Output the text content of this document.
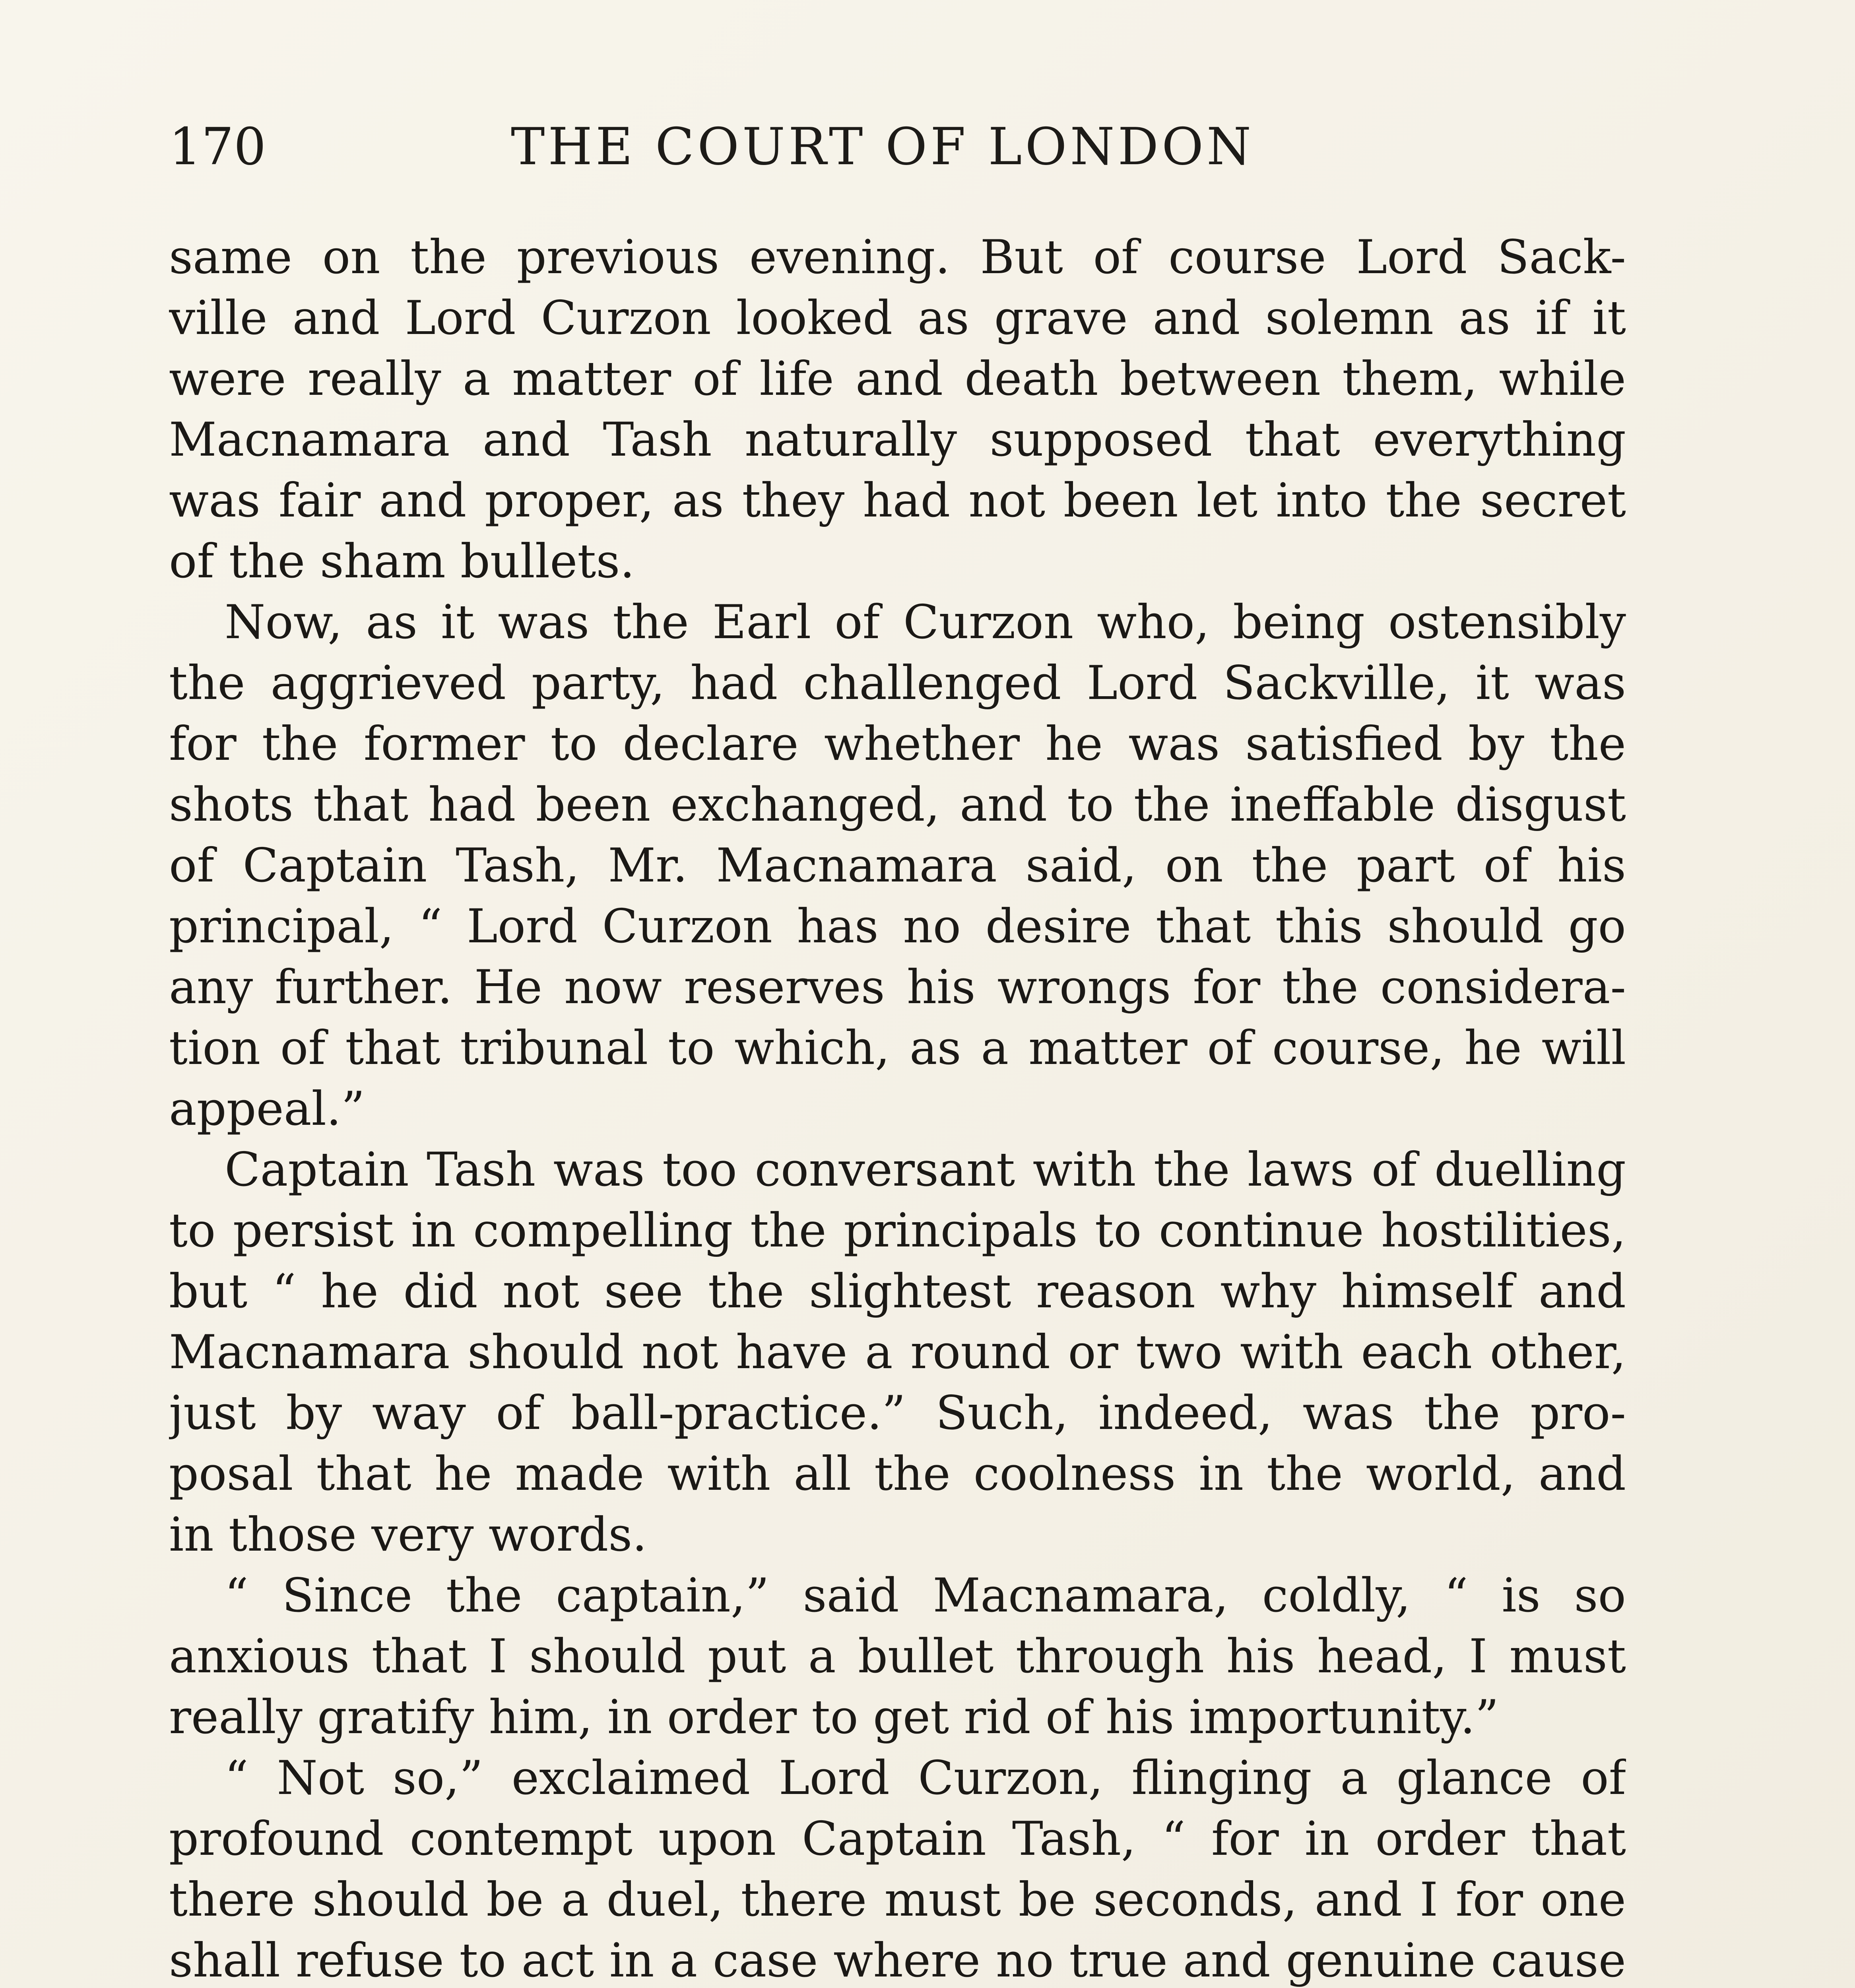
170	THE COURT OF LONDON
same on the previous evening. But of course Lord Sack-
ville and Lord Curzon looked as grave and solemn as if it
were really a matter of life and death between them, while
Macnamara and Tash naturally supposed that everything
was fair and proper, as they had not been let into the secret
of the sham bullets.
Now, as it was the Earl of Curzon who, being ostensibly
the aggrieved party, had challenged Lord Sackville, it was
for the former to declare whether he was satisfied by the
shots that had been exchanged, and to the ineffable disgust
of Captain Tash, Mr. Macnamara said, on the part of his
principal, “ Lord Curzon has no desire that this should go
any further. He now reserves his wrongs for the considera-
tion of that tribunal to which, as a matter of course, he will
appeal.”
Captain Tash was too conversant with the laws of duelling
to persist in compelling the principals to continue hostilities,
but “ he did not see the slightest reason why himself and
Macnamara should not have a round or two with each other,
just by way of ball-practice.” Such, indeed, was the pro-
posal that he made with all the coolness in the world, and
in those very words.
“ Since the captain,” said Macnamara, coldly, “ is so
anxious that I should put a bullet through his head, I must
really gratify him, in order to get rid of his importunity.”
“ Not so,” exclaimed Lord Curzon, flinging a glance of
profound contempt upon Captain Tash, “ for in order that
there should be a duel, there must be seconds, and I for one
shall refuse to act in a case where no true and genuine cause
